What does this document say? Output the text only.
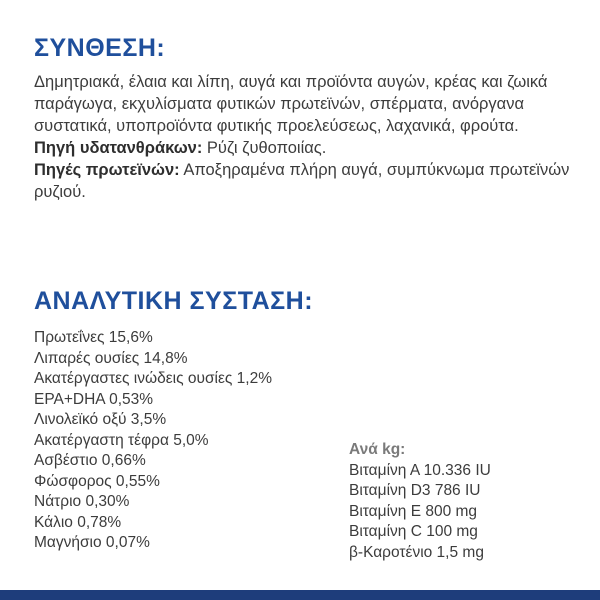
ΣΥΝΘΕΣΗ:

Δημητριακά, έλαια και λίπη, αυγά και προϊόντα αυγών, κρέας και ζωικά παράγωγα, εκχυλίσματα φυτικών πρωτεϊνών, σπέρματα, ανόργανα συστατικά, υποπροϊόντα φυτικής προελεύσεως, λαχανικά, φρούτα.
Πηγή υδατανθράκων: Ρύζι ζυθοποιίας.
Πηγές πρωτεϊνών: Αποξηραμένα πλήρη αυγά, συμπύκνωμα πρωτεϊνών ρυζιού.

ΑΝΑΛΥΤΙΚΗ ΣΥΣΤΑΣΗ:
Πρωτεΐνες 15,6%
Λιπαρές ουσίες 14,8%
Ακατέργαστες ινώδεις ουσίες 1,2%
EPA+DHA 0,53%
Λινολεϊκό οξύ 3,5%
Ακατέργαστη τέφρα 5,0%
Ασβέστιο 0,66%
Φώσφορος 0,55%
Νάτριο 0,30%
Κάλιο 0,78%
Μαγνήσιο 0,07%
Ανά kg:
Βιταμίνη Α 10.336 IU
Βιταμίνη D3 786 IU
Βιταμίνη Ε 800 mg
Βιταμίνη C 100 mg
β-Καροτένιο 1,5 mg
